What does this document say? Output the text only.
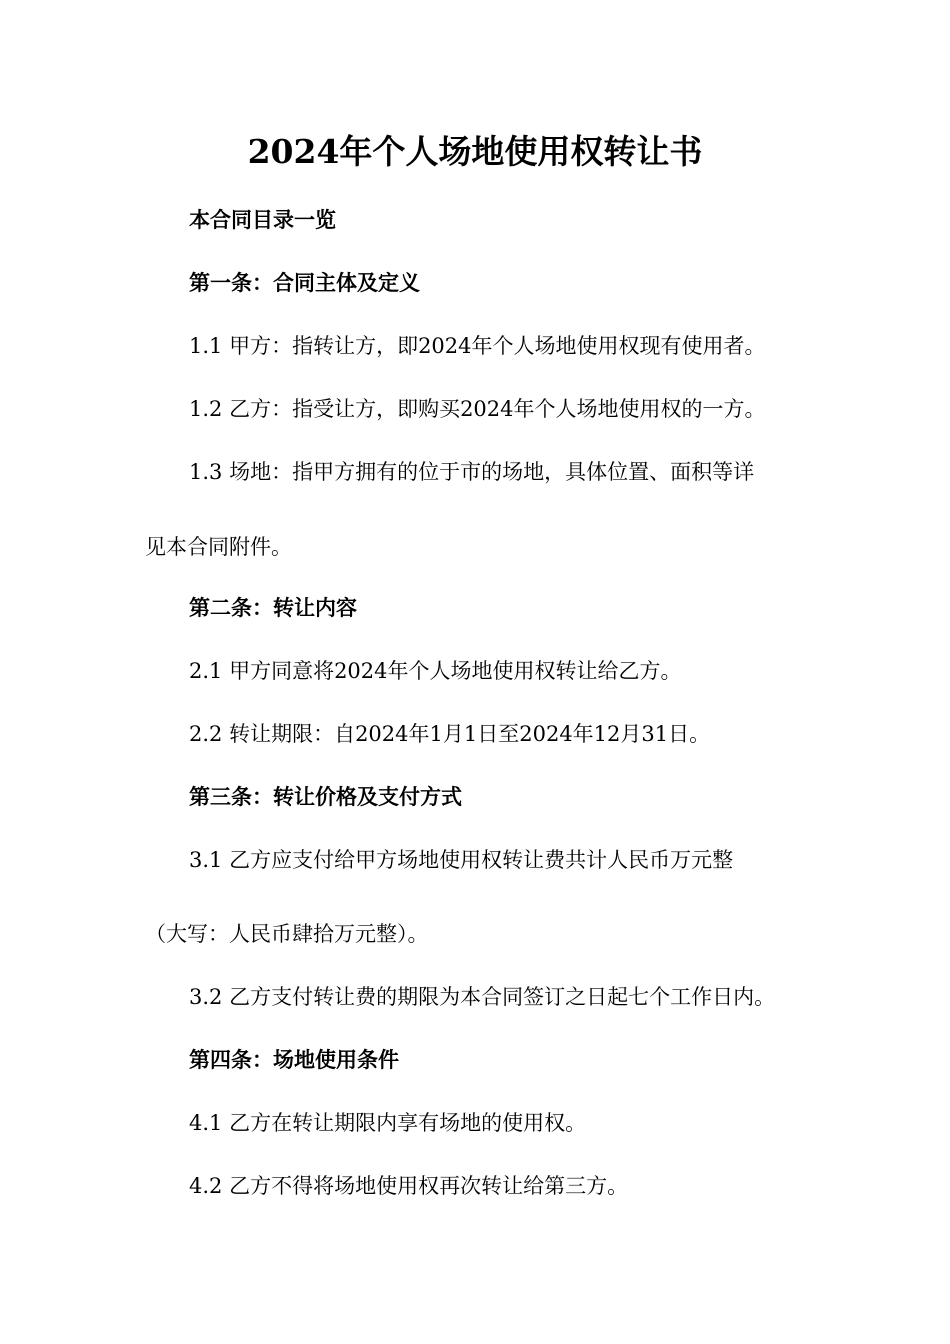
2024年个人场地使用权转让书
本合同目录一览
第一条：合同主体及定义
1.1 甲方：指转让方，即2024年个人场地使用权现有使用者。
1.2 乙方：指受让方，即购买2024年个人场地使用权的一方。
1.3 场地：指甲方拥有的位于市的场地，具体位置、面积等详
见本合同附件。
第二条：转让内容
2.1 甲方同意将2024年个人场地使用权转让给乙方。
2.2 转让期限：自2024年1月1日至2024年12月31日。
第三条：转让价格及支付方式
3.1 乙方应支付给甲方场地使用权转让费共计人民币万元整
（大写：人民币肆拾万元整）。
3.2 乙方支付转让费的期限为本合同签订之日起七个工作日内。
第四条：场地使用条件
4.1 乙方在转让期限内享有场地的使用权。
4.2 乙方不得将场地使用权再次转让给第三方。
